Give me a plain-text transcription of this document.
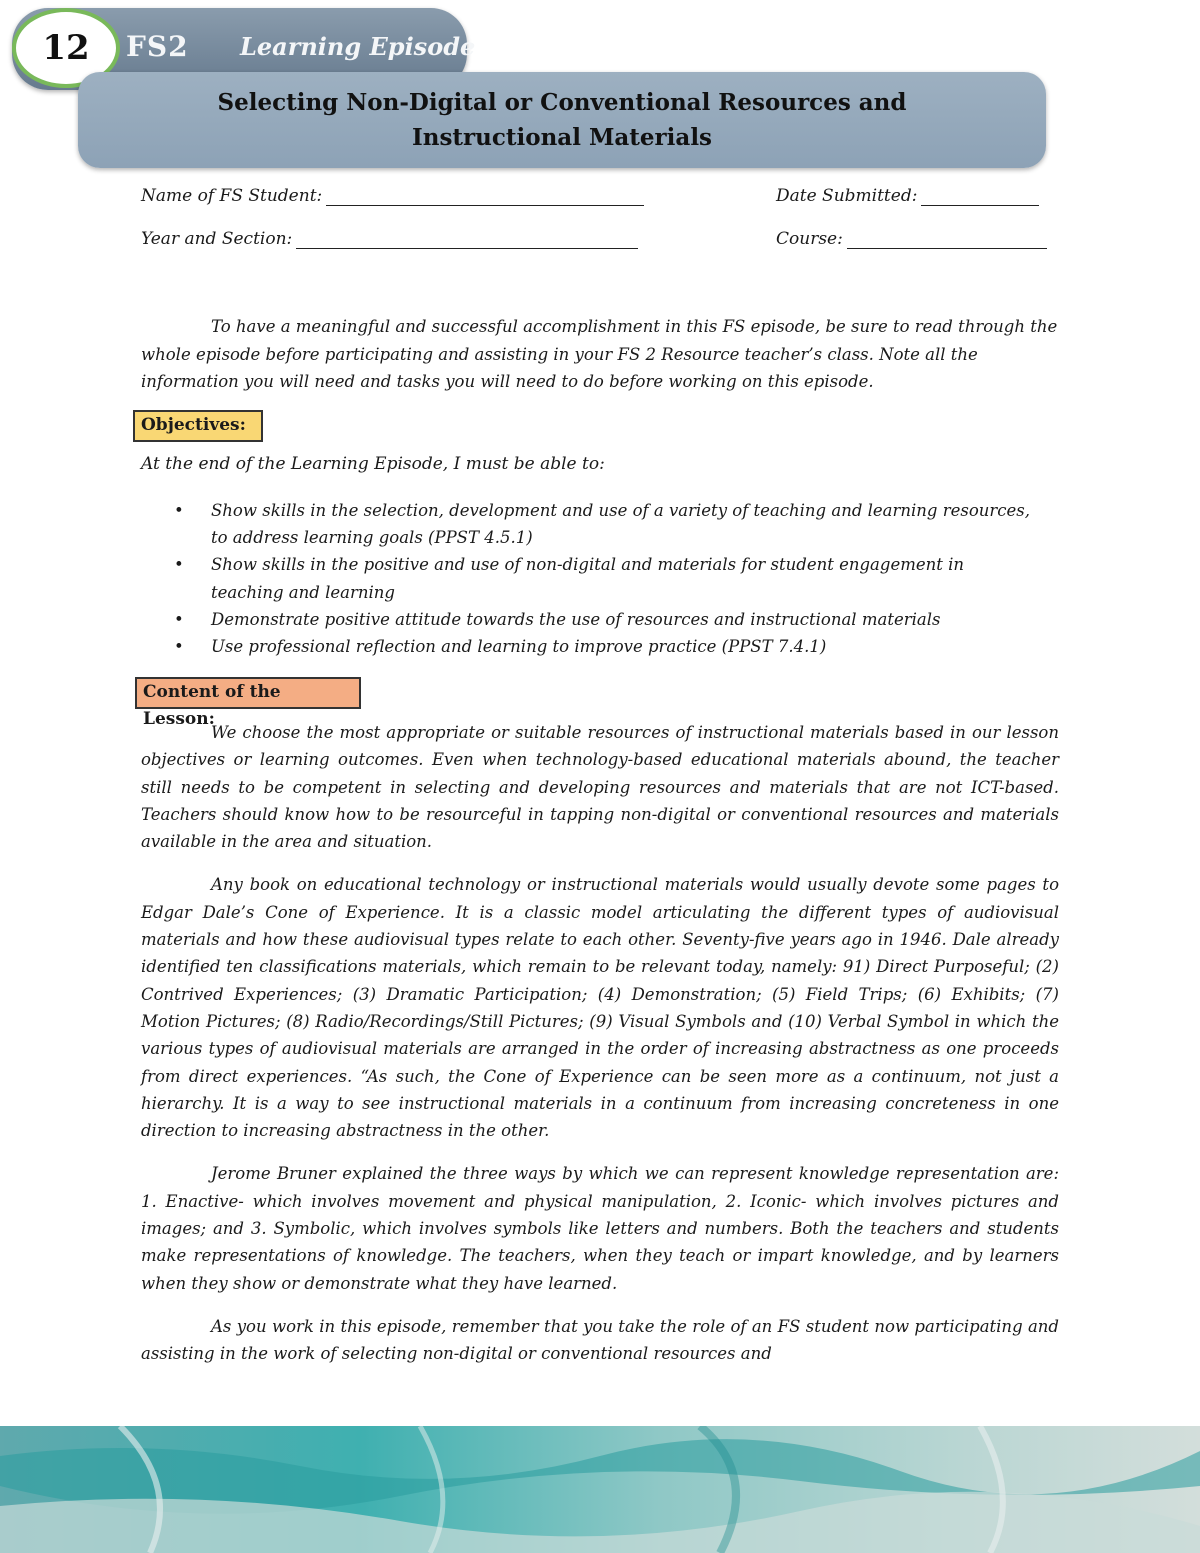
12 FS2 Learning Episode
Selecting Non-Digital or Conventional Resources and
Instructional Materials
Name of FS Student:	Date Submitted:
Year and Section:	Course:

To have a meaningful and successful accomplishment in this FS episode, be sure to read through the whole episode before participating and assisting in your FS 2 Resource teacher’s class. Note all the information you will need and tasks you will need to do before working on this episode.

Objectives:
At the end of the Learning Episode, I must be able to:
• Show skills in the selection, development and use of a variety of teaching and learning resources, to address learning goals (PPST 4.5.1)
• Show skills in the positive and use of non-digital and materials for student engagement in teaching and learning
• Demonstrate positive attitude towards the use of resources and instructional materials
• Use professional reflection and learning to improve practice (PPST 7.4.1)
Content of the Lesson:

We choose the most appropriate or suitable resources of instructional materials based in our lesson objectives or learning outcomes. Even when technology-based educational materials abound, the teacher still needs to be competent in selecting and developing resources and materials that are not ICT-based. Teachers should know how to be resourceful in tapping non-digital or conventional resources and materials available in the area and situation.

Any book on educational technology or instructional materials would usually devote some pages to Edgar Dale’s Cone of Experience. It is a classic model articulating the different types of audiovisual materials and how these audiovisual types relate to each other. Seventy-five years ago in 1946. Dale already identified ten classifications materials, which remain to be relevant today, namely: 91) Direct Purposeful; (2) Contrived Experiences; (3) Dramatic Participation; (4) Demonstration; (5) Field Trips; (6) Exhibits; (7) Motion Pictures; (8) Radio/Recordings/Still Pictures; (9) Visual Symbols and (10) Verbal Symbol in which the various types of audiovisual materials are arranged in the order of increasing abstractness as one proceeds from direct experiences. “As such, the Cone of Experience can be seen more as a continuum, not just a hierarchy. It is a way to see instructional materials in a continuum from increasing concreteness in one direction to increasing abstractness in the other.

Jerome Bruner explained the three ways by which we can represent knowledge representation are: 1. Enactive- which involves movement and physical manipulation, 2. Iconic- which involves pictures and images; and 3. Symbolic, which involves symbols like letters and numbers. Both the teachers and students make representations of knowledge. The teachers, when they teach or impart knowledge, and by learners when they show or demonstrate what they have learned.

As you work in this episode, remember that you take the role of an FS student now participating and assisting in the work of selecting non-digital or conventional resources and
